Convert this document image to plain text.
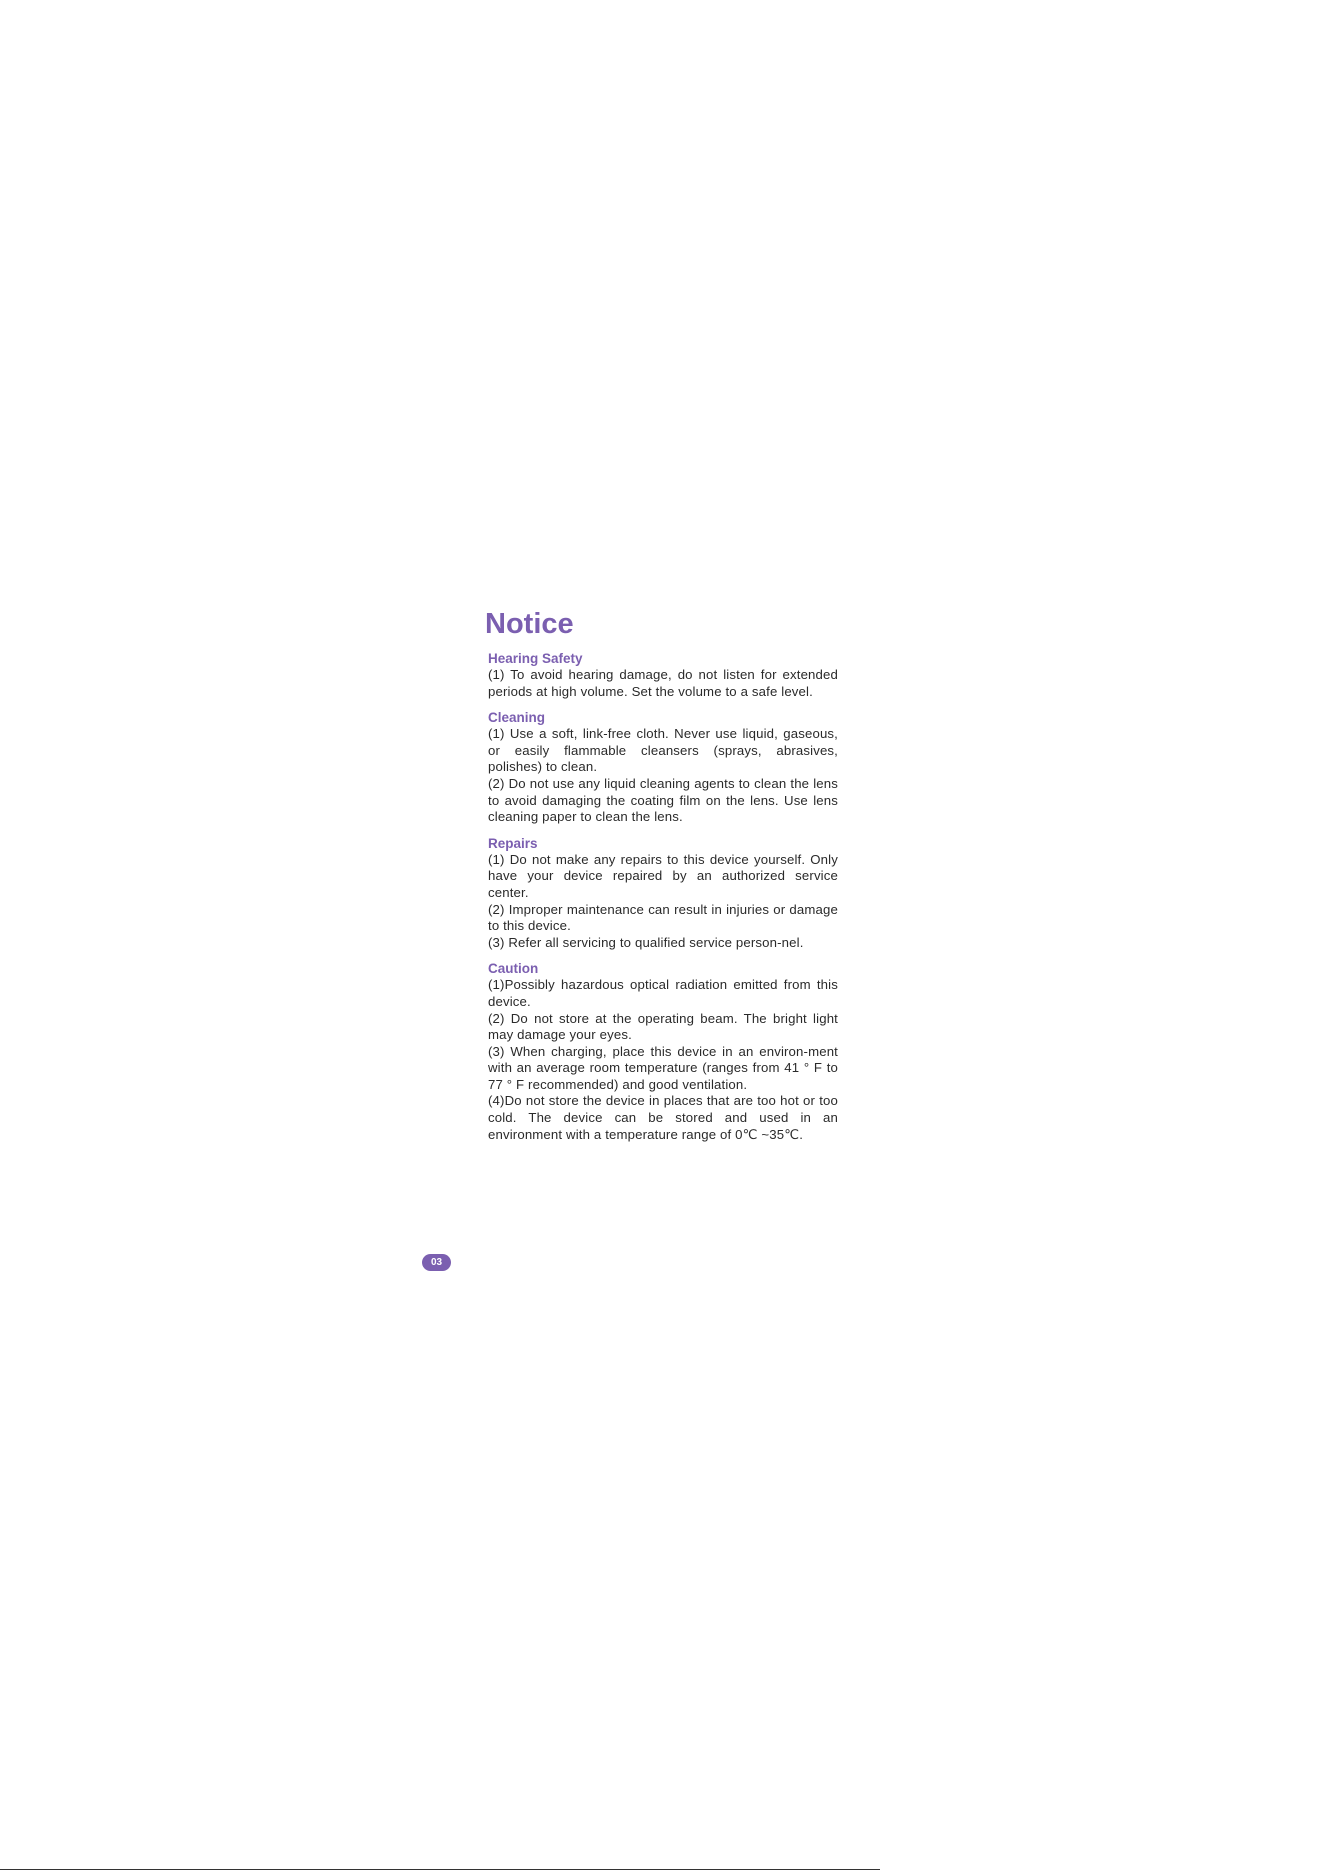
Notice
Hearing Safety

(1) To avoid hearing damage, do not listen for extended periods at high volume. Set the volume to a safe level.

Cleaning

(1) Use a soft, link-free cloth. Never use liquid, gaseous, or easily flammable cleansers (sprays, abrasives, polishes) to clean.

(2) Do not use any liquid cleaning agents to clean the lens to avoid damaging the coating film on the lens. Use lens cleaning paper to clean the lens.

Repairs

(1) Do not make any repairs to this device yourself. Only have your device repaired by an authorized service center.

(2) Improper maintenance can result in injuries or damage to this device.

(3) Refer all servicing to qualified service person-nel.

Caution

(1)Possibly hazardous optical radiation emitted from this device.

(2) Do not store at the operating beam. The bright light may damage your eyes.

(3) When charging, place this device in an environ-ment with an average room temperature (ranges from 41 ° F to 77 ° F recommended) and good ventilation.

(4)Do not store the device in places that are too hot or too cold. The device can be stored and used in an environment with a temperature range of 0℃ ~35℃.

03
